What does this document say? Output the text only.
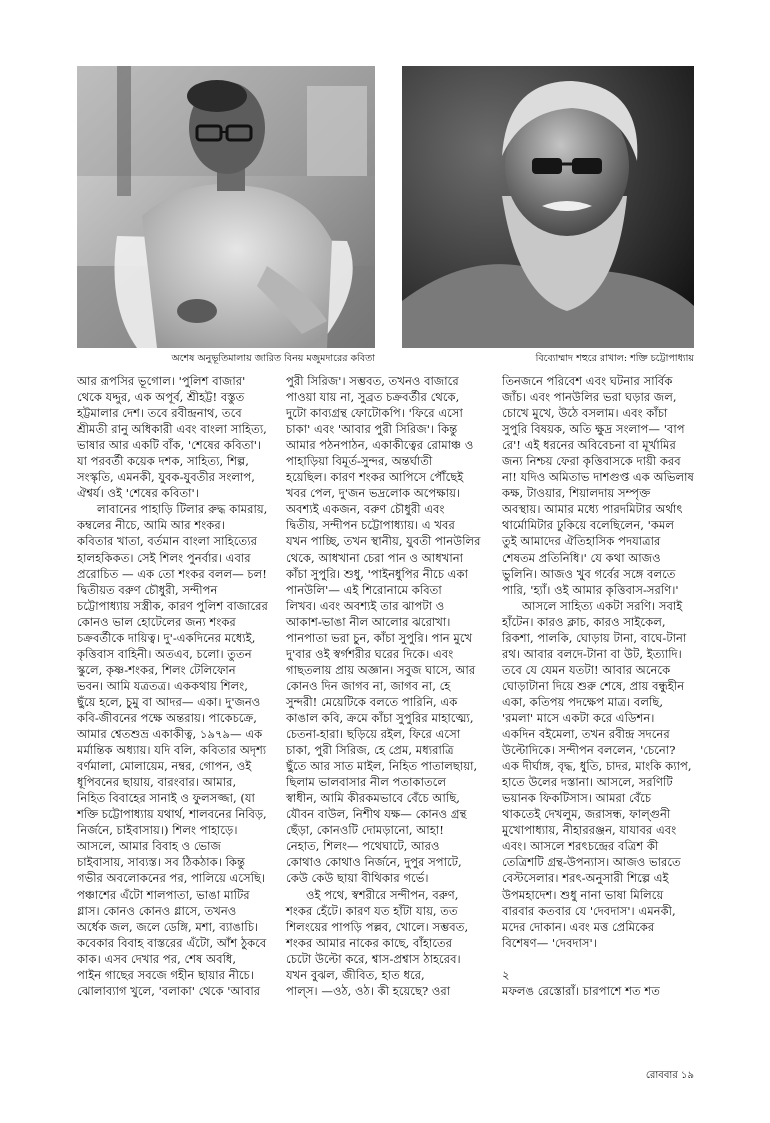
অশেষ অনুভূতিমালায় জারিত বিনয় মজুমদারের কবিতা	বিব্যোম্মাদ শহুরে রাখাল: শক্তি চট্টোপাধ্যায়

আর রূপসির ভূগোল। 'পুলিশ বাজার'

থেকে যদ্দুর, এক অপূর্ব, শ্রীহট্ট! বস্তুত

হট্টমালার দেশ। তবে রবীন্দ্রনাথ, তবে

শ্রীমতী রানু অধিকারী এবং বাংলা সাহিত্য,

ভাষার আর একটি বাঁক, 'শেষের কবিতা'।

যা পরবর্তী কয়েক দশক, সাহিত্য, শিল্প,

সংস্কৃতি, এমনকী, যুবক-যুবতীর সংলাপ,

ঐশ্বর্য। ওই 'শেষের কবিতা'।

লাবানের পাহাড়ি টিলার রুদ্ধ কামরায়,

কম্বলের নীচে, আমি আর শংকর।

কবিতার খাতা, বর্তমান বাংলা সাহিত্যের

হালহকিকত। সেই শিলং পুনর্বার। এবার

প্ররোচিত — এক তো শংকর বলল— চল!

দ্বিতীয়ত বরুণ চৌধুরী, সন্দীপন

চট্টোপাধ্যায় সস্ত্রীক, কারণ পুলিশ বাজারের

কোনও ভাল হোটেলের জন্য শংকর

চক্রবর্তীকে দায়িত্ব। দু'-একদিনের মধ্যেই,

কৃত্তিবাস বাহিনী। অতএব, চলো। তুতন

স্কুলে, কৃষ্ণ-শংকর, শিলং টেলিফোন

ভবন। আমি যত্রতত্র। এককথায় শিলং,

ছুঁয়ে হলে, চুমু বা আদর— একা। দু'জনও

কবি-জীবনের পক্ষে অন্তরায়। পাকেচক্রে,

আমার শ্বেতশুভ্র একাকীত্ব, ১৯৭৯— এক

মর্মান্তিক অধ্যায়। যদি বলি, কবিতার অদৃশ্য

বর্ণমালা, মোলায়েম, নম্বর, গোপন, ওই

ধূপিবনের ছায়ায়, বারংবার। আমার,

নিহিত বিবাহের সানাই ও ফুলসজ্জা, (যা

শক্তি চট্টোপাধ্যায় যথার্থ, শালবনের নিবিড়,

নির্জনে, চাইবাসায়।) শিলং পাহাড়ে।

আসলে, আমার বিবাহ ও ভোজ

চাইবাসায়, সাব্যস্ত। সব ঠিকঠাক। কিন্তু

গভীর অবলোকনের পর, পালিয়ে এসেছি।

পঞ্চাশের এঁটো শালপাতা, ভাঙা মাটির

গ্লাস। কোনও কোনও গ্লাসে, তখনও

অর্ধেক জল, জলে ডেঙ্গি, মশা, ব্যাঙাচি।

কবেকার বিবাহ বাস্তরের এঁটো, আঁশ ঠুকবে

কাক। এসব দেখার পর, শেষ অবধি,

পাইন গাছের সবজে গহীন ছায়ার নীচে।

ঝোলাব্যাগ খুলে, 'বলাকা' থেকে 'আবার

পুরী সিরিজ'। সম্ভবত, তখনও বাজারে

পাওয়া যায় না, সুব্রত চক্রবর্তীর থেকে,

দুটো কাব্যগ্রন্থ ফোটোকপি। 'ফিরে এসো

চাকা' এবং 'আবার পুরী সিরিজ'। কিন্তু

আমার পঠনপাঠন, একাকীত্বের রোমাঞ্চ ও

পাহাড়িয়া বিমূর্ত-সুন্দর, অন্তর্ঘাতী

হয়েছিল। কারণ শংকর আপিসে পৌঁছেই

খবর পেল, দু'জন ভদ্রলোক অপেক্ষায়।

অবশ্যই একজন, বরুণ চৌধুরী এবং

দ্বিতীয়, সন্দীপন চট্টোপাধ্যায়। এ খবর

যখন পাচ্ছি, তখন স্থানীয়, যুবতী পানউলির

থেকে, আধখানা চেরা পান ও আধখানা

কাঁচা সুপুরি। শুধু, 'পাইনধুপির নীচে একা

পানউলি'— এই শিরোনামে কবিতা

লিখব। এবং অবশ্যই তার ঝাপটা ও

আকাশ-ভাঙা নীল আলোর ঝরোখা।

পানপাতা ভরা চুন, কাঁচা সুপুরি। পান মুখে

দু'বার ওই স্বর্গশরীর ঘরের দিকে। এবং

গাছতলায় প্রায় অজ্ঞান। সবুজ ঘাসে, আর

কোনও দিন জাগব না, জাগব না, হে

সুন্দরী! মেয়েটিকে বলতে পারিনি, এক

কাঙাল কবি, ক্রমে কাঁচা সুপুরির মাহাত্ম্যে,

চেতনা-হারা। ছড়িয়ে রইল, ফিরে এসো

চাকা, পুরী সিরিজ, হে প্রেম, মধ্যরাত্রি

ছুঁতে আর সাত মাইল, নিহিত পাতালছায়া,

ছিলাম ভালবাসার নীল পতাকাতলে

স্বাধীন, আমি কীরকমভাবে বেঁচে আছি,

যৌবন বাউল, নিশীথ যক্ষ— কোনও গ্রন্থ

ছেঁড়া, কোনওটি দোমড়ানো, আহা!

নেহাত, শিলং— পথেঘাটে, আরও

কোথাও কোথাও নির্জনে, দুপুর সপাটে,

কেউ কেউ ছায়া বীথিকার গর্ভে।

ওই পথে, স্বশরীরে সন্দীপন, বরুণ,

শংকর হেঁটে। কারণ যত হাঁটা যায়, তত

শিলংয়ের পাপড়ি পল্লব, খোলে। সম্ভবত,

শংকর আমার নাকের কাছে, বাঁহাতের

চেটো উল্টো করে, শ্বাস-প্রশ্বাস ঠাহরেব।

যখন বুঝল, জীবিত, হাত ধরে,

পাল্‌স। —ওঠ, ওঠ। কী হয়েছে? ওরা

তিনজনে পরিবেশ এবং ঘটনার সার্বিক

জাঁচ। এবং পানউলির ভরা ঘড়ার জল,

চোখে মুখে, উঠে বসলাম। এবং কাঁচা

সুপুরি বিষয়ক, অতি ক্ষুদ্র সংলাপ— 'বাপ

রে'! এই ধরনের অবিবেচনা বা মূর্খামির

জন্য নিশ্চয় ফেরা কৃত্তিবাসকে দায়ী করব

না! যদিও অমিতাভ দাশগুপ্ত এক অভিলাষ

কক্ষ, টাওয়ার, শিয়ালদায় সম্পৃক্ত

অবস্থায়। আমার মধ্যে পারদমিটার অর্থাৎ

থার্মোমিটার ঢুকিয়ে বলেছিলেন, 'কমল

তুই আমাদের ঐতিহাসিক পদযাত্রার

শেষতম প্রতিনিধি।' যে কথা আজও

ভুলিনি। আজও খুব গর্বের সঙ্গে বলতে

পারি, 'হ্যাঁ। ওই আমার কৃত্তিবাস-সরণি।'

আসলে সাহিত্য একটা সরণি। সবাই

হাঁটেন। কারও ক্লাচ, কারও সাইকেল,

রিকশা, পালকি, ঘোড়ায় টানা, বাঘে-টানা

রথ। আবার বলদে-টানা বা উট, ইত্যাদি।

তবে যে যেমন যতটা! আবার অনেকে

ঘোড়াটানা দিয়ে শুরু শেষে, প্রায় বন্ধুহীন

একা, কতিপয় পদক্ষেপ মাত্র। বলছি,

'রমলা' মাসে একটা করে এডিশন।

একদিন বইমেলা, তখন রবীন্দ্র সদনের

উল্টোদিকে। সন্দীপন বললেন, 'চেনো?

এক দীর্ঘাঙ্গ, বৃদ্ধ, ধুতি, চাদর, মাংকি ক্যাপ,

হাতে উলের দস্তানা। আসলে, সরণিটি

ভয়ানক ফিকটিসাস। আমরা বেঁচে

থাকতেই দেখলুম, জরাসন্ধ, ফাল্গুনী

মুখোপাধ্যায়, নীহাররঞ্জন, যাযাবর এবং

এবং। আসলে শরৎচন্দ্রের বত্রিশ কী

তেত্রিশটি গ্রন্থ-উপন্যাস। আজও ভারতে

বেস্টসেলার। শরৎ-অনুসারী শিল্পে এই

উপমহাদেশ। শুধু নানা ভাষা মিলিয়ে

বারবার কতবার যে 'দেবদাস'। এমনকী,

মদের দোকান। এবং মত্ত প্রেমিকের

বিশেষণ— 'দেবদাস'।

২

মফলঙ রেস্তোরাঁ। চারপাশে শত শত

রোববার ১৯
